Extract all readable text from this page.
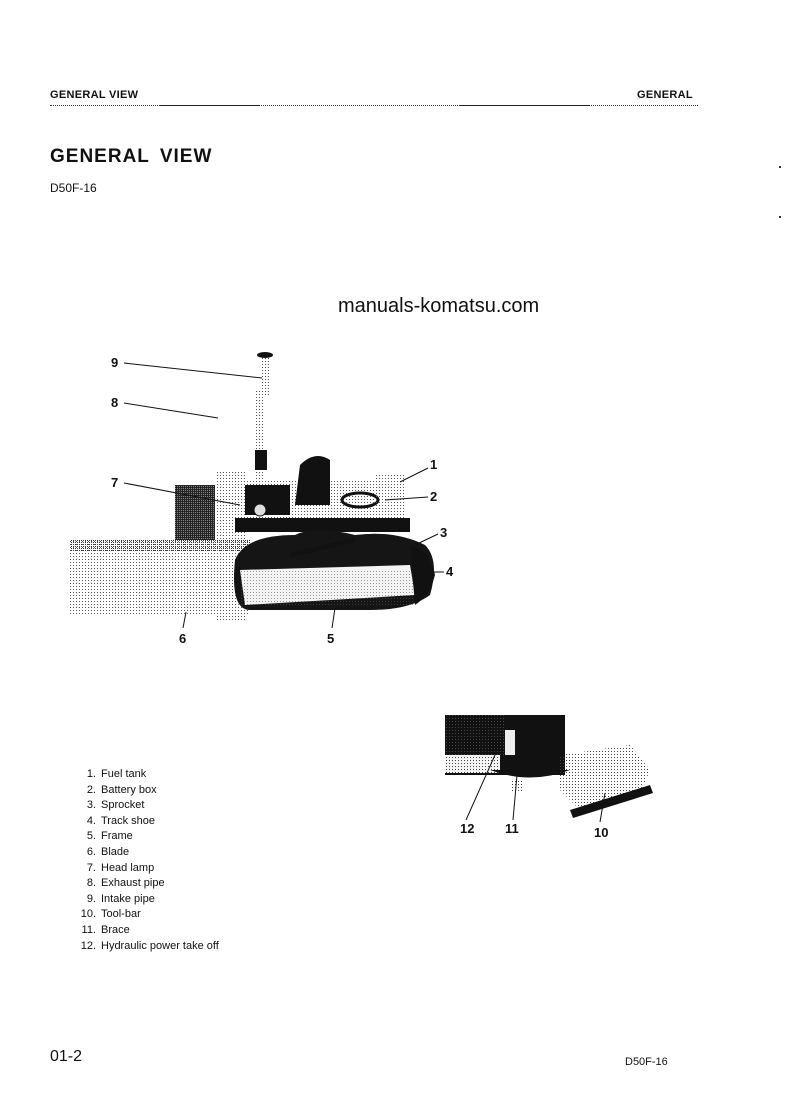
GENERAL VIEW	GENERAL
GENERAL VIEW
D50F-16
manuals-komatsu.com
1
2
3
4
5
6
7
8
9
12 11	10
1. Fuel tank
2. Battery box
3. Sprocket
4. Track shoe
5. Frame
6. Blade
7. Head lamp
8. Exhaust pipe
9. Intake pipe
10. Tool-bar
11. Brace
12. Hydraulic power take off
01-2	D50F-16
